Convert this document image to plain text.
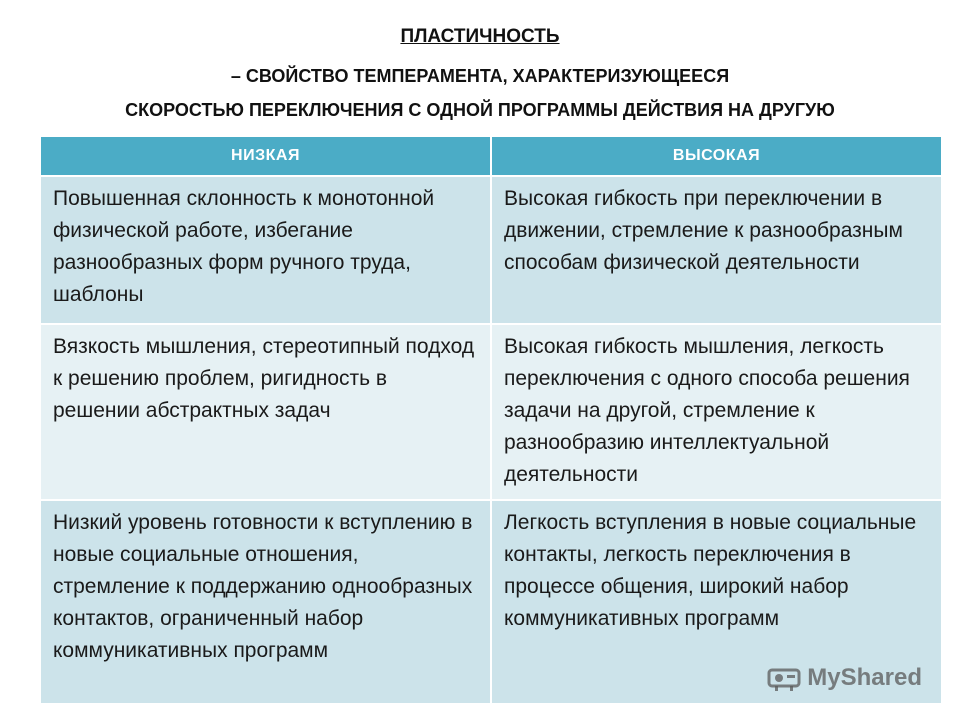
ПЛАСТИЧНОСТЬ
– СВОЙСТВО ТЕМПЕРАМЕНТА, ХАРАКТЕРИЗУЮЩЕЕСЯ
СКОРОСТЬЮ ПЕРЕКЛЮЧЕНИЯ С ОДНОЙ ПРОГРАММЫ ДЕЙСТВИЯ НА ДРУГУЮ
НИЗКАЯ	ВЫСОКАЯ
Повышенная склонность к монотонной физической работе, избегание разнообразных форм ручного труда, шаблоны	Высокая гибкость при переключении в движении, стремление к разнообразным способам физической деятельности
Вязкость мышления, стереотипный подход к решению проблем, ригидность в решении абстрактных задач	Высокая гибкость мышления, легкость переключения с одного способа решения задачи на другой, стремление к разнообразию интеллектуальной деятельности
Низкий уровень готовности к вступлению в новые социальные отношения, стремление к поддержанию однообразных контактов, ограниченный набор коммуникативных программ	Легкость вступления в новые социальные контакты, легкость переключения в процессе общения, широкий набор коммуникативных программ
MyShared
